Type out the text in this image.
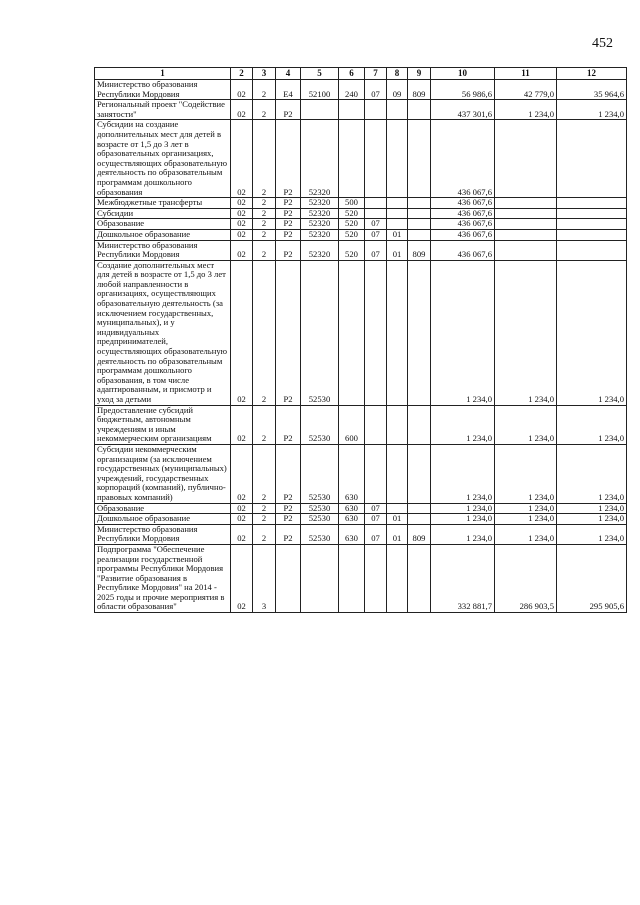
452
1	2	3	4	5	6	7	8	9	10	11	12
Министерство образования Республики Мордовия	02	2	E4	52100	240	07	09	809	56 986,6	42 779,0	35 964,6
Региональный проект "Содействие занятости"	02	2	P2						437 301,6	1 234,0	1 234,0
Субсидии на создание дополнительных мест для детей в возрасте от 1,5 до 3 лет в образовательных организациях, осуществляющих образовательную деятельность по образовательным программам дошкольного образования	02	2	P2	52320					436 067,6		
Межбюджетные трансферты	02	2	P2	52320	500				436 067,6		
Субсидии	02	2	P2	52320	520				436 067,6		
Образование	02	2	P2	52320	520	07			436 067,6		
Дошкольное образование	02	2	P2	52320	520	07	01		436 067,6		
Министерство образования Республики Мордовия	02	2	P2	52320	520	07	01	809	436 067,6		
Создание дополнительных мест для детей в возрасте от 1,5 до 3 лет любой направленности в организациях, осуществляющих образовательную деятельность (за исключением государственных, муниципальных), и у индивидуальных предпринимателей, осуществляющих образовательную деятельность по образовательным программам дошкольного образования, в том числе адаптированным, и присмотр и уход за детьми	02	2	P2	52530					1 234,0	1 234,0	1 234,0
Предоставление субсидий бюджетным, автономным учреждениям и иным некоммерческим организациям	02	2	P2	52530	600				1 234,0	1 234,0	1 234,0
Субсидии некоммерческим организациям (за исключением государственных (муниципальных) учреждений, государственных корпораций (компаний), публично-правовых компаний)	02	2	P2	52530	630				1 234,0	1 234,0	1 234,0
Образование	02	2	P2	52530	630	07			1 234,0	1 234,0	1 234,0
Дошкольное образование	02	2	P2	52530	630	07	01		1 234,0	1 234,0	1 234,0
Министерство образования Республики Мордовия	02	2	P2	52530	630	07	01	809	1 234,0	1 234,0	1 234,0
Подпрограмма "Обеспечение реализации государственной программы Республики Мордовия "Развитие образования в Республике Мордовия" на 2014 - 2025 годы и прочие мероприятия в области образования"	02	3							332 881,7	286 903,5	295 905,6
